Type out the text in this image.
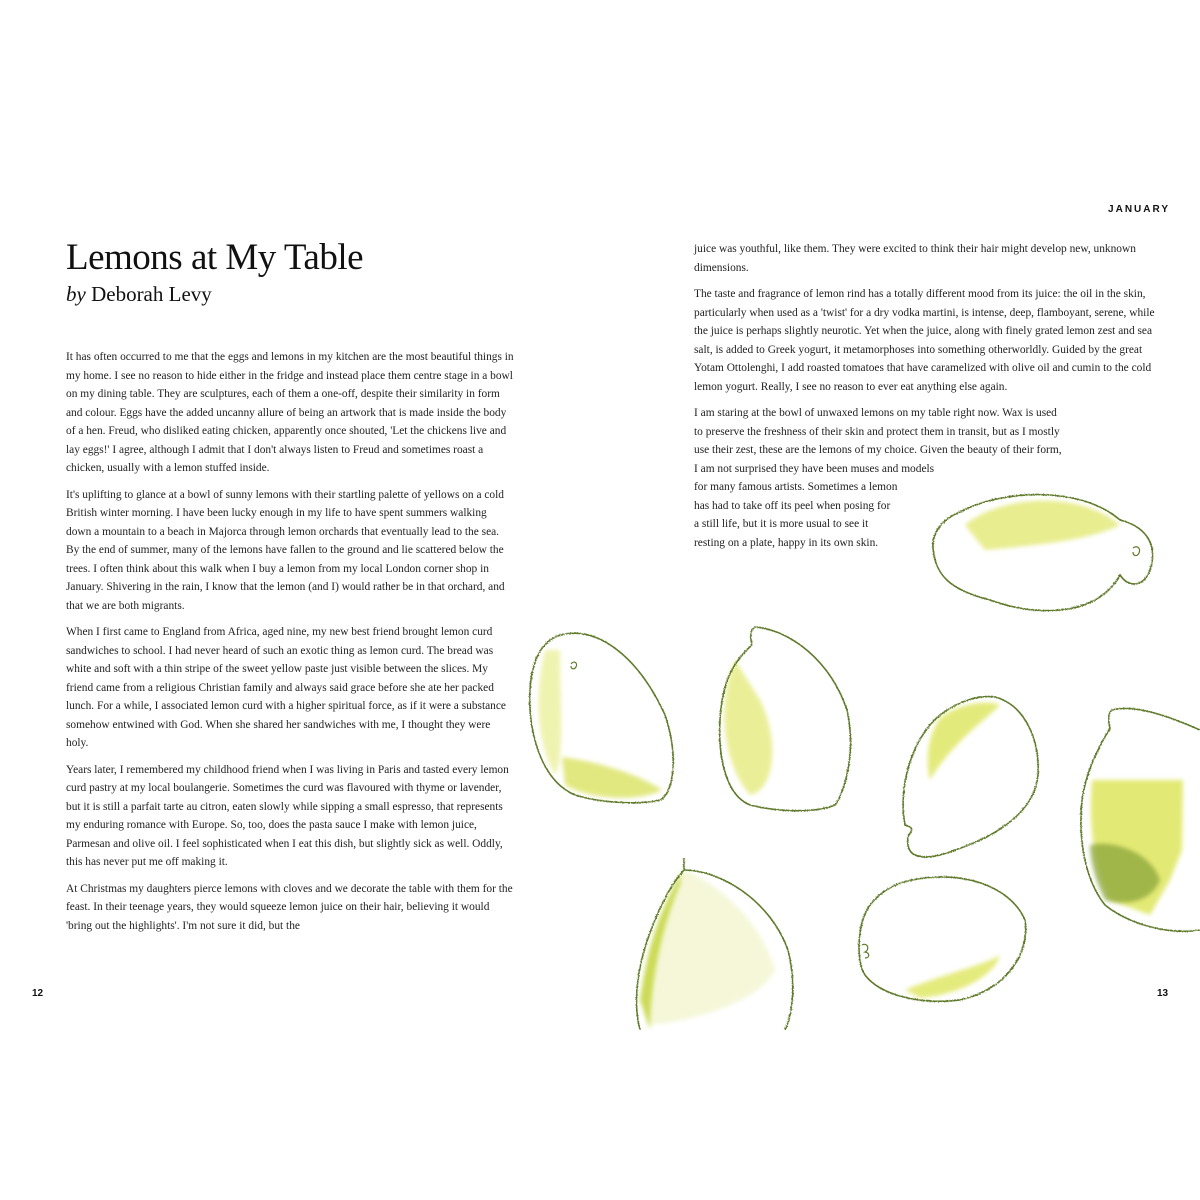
JANUARY
Lemons at My Table
by Deborah Levy

It has often occurred to me that the eggs and lemons in my kitchen are the most beautiful things in my home. I see no reason to hide either in the fridge and instead place them centre stage in a bowl on my dining table. They are sculptures, each of them a one-off, despite their similarity in form and colour. Eggs have the added uncanny allure of being an artwork that is made inside the body of a hen. Freud, who disliked eating chicken, apparently once shouted, 'Let the chickens live and lay eggs!' I agree, although I admit that I don't always listen to Freud and sometimes roast a chicken, usually with a lemon stuffed inside.

It's uplifting to glance at a bowl of sunny lemons with their startling palette of yellows on a cold British winter morning. I have been lucky enough in my life to have spent summers walking down a mountain to a beach in Majorca through lemon orchards that eventually lead to the sea. By the end of summer, many of the lemons have fallen to the ground and lie scattered below the trees. I often think about this walk when I buy a lemon from my local London corner shop in January. Shivering in the rain, I know that the lemon (and I) would rather be in that orchard, and that we are both migrants.

When I first came to England from Africa, aged nine, my new best friend brought lemon curd sandwiches to school. I had never heard of such an exotic thing as lemon curd. The bread was white and soft with a thin stripe of the sweet yellow paste just visible between the slices. My friend came from a religious Christian family and always said grace before she ate her packed lunch. For a while, I associated lemon curd with a higher spiritual force, as if it were a substance somehow entwined with God. When she shared her sandwiches with me, I thought they were holy.

Years later, I remembered my childhood friend when I was living in Paris and tasted every lemon curd pastry at my local boulangerie. Sometimes the curd was flavoured with thyme or lavender, but it is still a parfait tarte au citron, eaten slowly while sipping a small espresso, that represents my enduring romance with Europe. So, too, does the pasta sauce I make with lemon juice, Parmesan and olive oil. I feel sophisticated when I eat this dish, but slightly sick as well. Oddly, this has never put me off making it.

At Christmas my daughters pierce lemons with cloves and we decorate the table with them for the feast. In their teenage years, they would squeeze lemon juice on their hair, believing it would 'bring out the highlights'. I'm not sure it did, but the

juice was youthful, like them. They were excited to think their hair might develop new, unknown dimensions.

The taste and fragrance of lemon rind has a totally different mood from its juice: the oil in the skin, particularly when used as a 'twist' for a dry vodka martini, is intense, deep, flamboyant, serene, while the juice is perhaps slightly neurotic. Yet when the juice, along with finely grated lemon zest and sea salt, is added to Greek yogurt, it metamorphoses into something otherworldly. Guided by the great Yotam Ottolenghi, I add roasted tomatoes that have caramelized with olive oil and cumin to the cold lemon yogurt. Really, I see no reason to ever eat anything else again.

I am staring at the bowl of unwaxed lemons on my table right now. Wax is used
to preserve the freshness of their skin and protect them in transit, but as I mostly
use their zest, these are the lemons of my choice. Given the beauty of their form,
I am not surprised they have been muses and models
for many famous artists. Sometimes a lemon
has had to take off its peel when posing for
a still life, but it is more usual to see it
resting on a plate, happy in its own skin.

12	13
